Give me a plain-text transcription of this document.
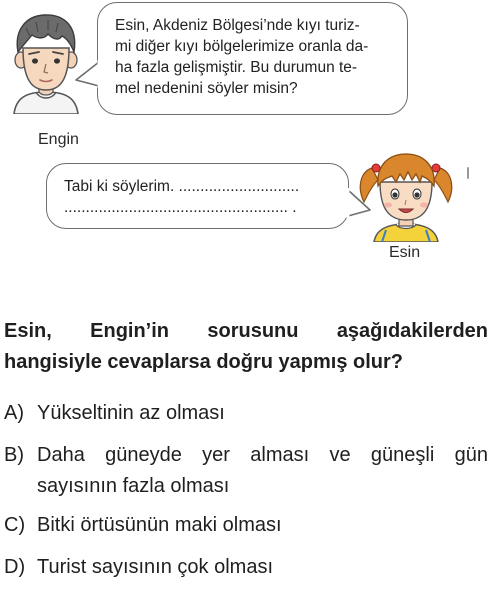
Engin
Esin, Akdeniz Bölgesi’nde kıyı turiz-
mi diğer kıyı bölgelerimize oranla da-
ha fazla gelişmiştir. Bu durumun te-
mel nedenini söyler misin?
Tabi ki söylerim. ............................
.................................................... .
Esin
Esin, Engin’in sorusunu aşağıdakilerden
hangisiyle cevaplarsa doğru yapmış olur?
A) Yükseltinin az olması
B) Daha güneyde yer alması ve güneşli gün
sayısının fazla olması
C) Bitki örtüsünün maki olması
D) Turist sayısının çok olması
